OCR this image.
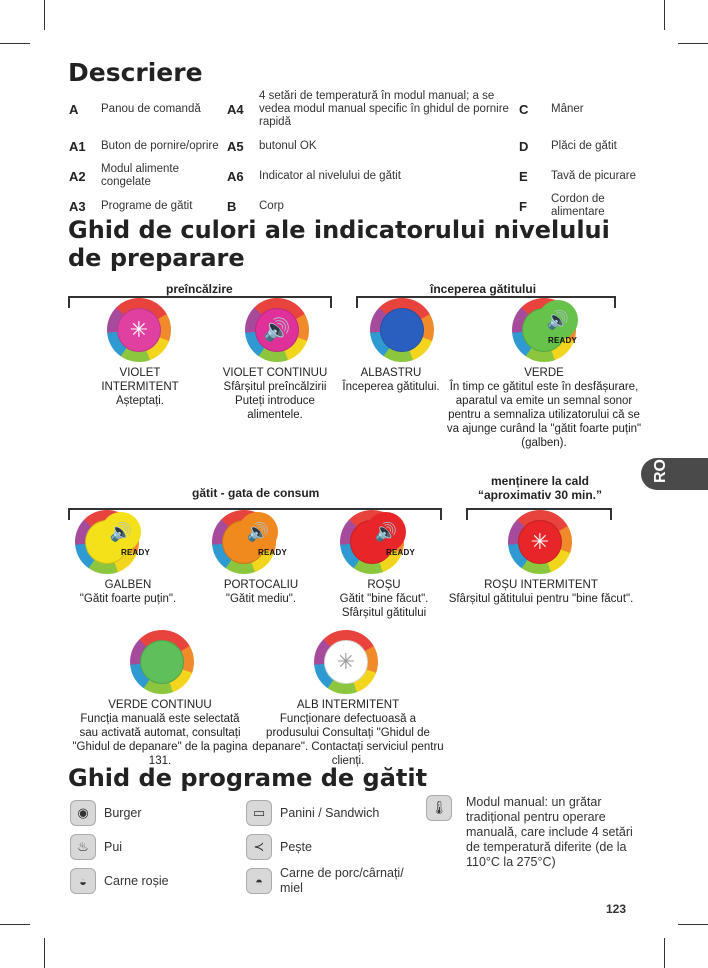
Descriere
A	Panou de comandă	A4	4 setări de temperatură în modul manual; a se vedea modul manual specific în ghidul de pornire rapidă	C	Mâner
A1	Buton de pornire/oprire	A5	butonul OK	D	Plăci de gătit
A2	Modul alimente congelate	A6	Indicator al nivelului de gătit	E	Tavă de picurare
A3	Programe de gătit	B	Corp	F	Cordon de alimentare
Ghid de culori ale indicatorului nivelului de preparare
preîncălzire	începerea gătitului
gătit - gata de consum
menținere la cald
“aproximativ 30 min.”
✳	🔊	🔊
READY
VIOLET INTERMITENT
Așteptați.
VIOLET CONTINUU
Sfârșitul preîncălzirii Puteți introduce alimentele.
ALBASTRU
Începerea gătitului.
VERDE
În timp ce gătitul este în desfășurare, aparatul va emite un semnal sonor pentru a semnaliza utilizatorului că se va ajunge curând la "gătit foarte puțin" (galben).
🔊
READY
🔊
READY
🔊
READY	✳
GALBEN
"Gătit foarte puțin".
PORTOCALIU
"Gătit mediu".
ROȘU
Gătit "bine făcut". Sfârșitul gătitului
ROȘU INTERMITENT
Sfârșitul gătitului pentru "bine făcut".
✳
VERDE CONTINUU
Funcția manuală este selectată sau activată automat, consultați "Ghidul de depanare" de la pagina 131.
ALB INTERMITENT
Funcționare defectuoasă a produsului Consultați "Ghidul de depanare". Contactați serviciul pentru clienți.
RO
Ghid de programe de gătit
◉	Burger	▭	Panini / Sandwich
♨	Pui	≺	Pește
◒	Carne roșie	◓
Carne de porc/cârnați/ miel
🌡	Modul manual: un grătar tradițional pentru operare manuală, care include 4 setări de temperatură diferite (de la 110°C la 275°C)
123
